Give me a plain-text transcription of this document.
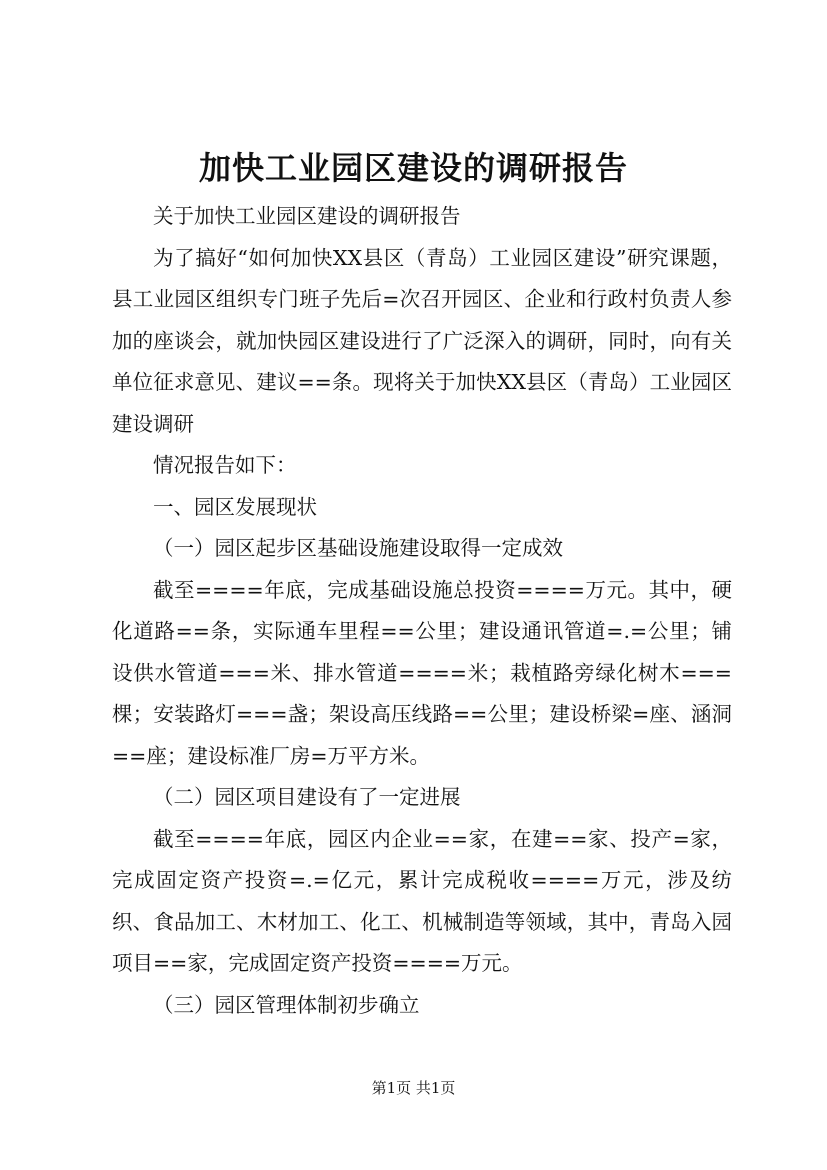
加快工业园区建设的调研报告

关于加快工业园区建设的调研报告

为了搞好“如何加快XX县区（青岛）工业园区建设”研究课题，县工业园区组织专门班子先后=次召开园区、企业和行政村负责人参加的座谈会，就加快园区建设进行了广泛深入的调研，同时，向有关单位征求意见、建议==条。现将关于加快XX县区（青岛）工业园区建设调研

情况报告如下：

一、园区发展现状

（一）园区起步区基础设施建设取得一定成效

截至====年底，完成基础设施总投资====万元。其中，硬化道路==条，实际通车里程==公里；建设通讯管道=.=公里；铺设供水管道===米、排水管道====米；栽植路旁绿化树木===棵；安装路灯===盏；架设高压线路==公里；建设桥梁=座、涵洞==座；建设标准厂房=万平方米。

（二）园区项目建设有了一定进展

截至====年底，园区内企业==家，在建==家、投产=家，完成固定资产投资=.=亿元，累计完成税收====万元，涉及纺织、食品加工、木材加工、化工、机械制造等领域，其中，青岛入园项目==家，完成固定资产投资====万元。

（三）园区管理体制初步确立

第1页 共1页
